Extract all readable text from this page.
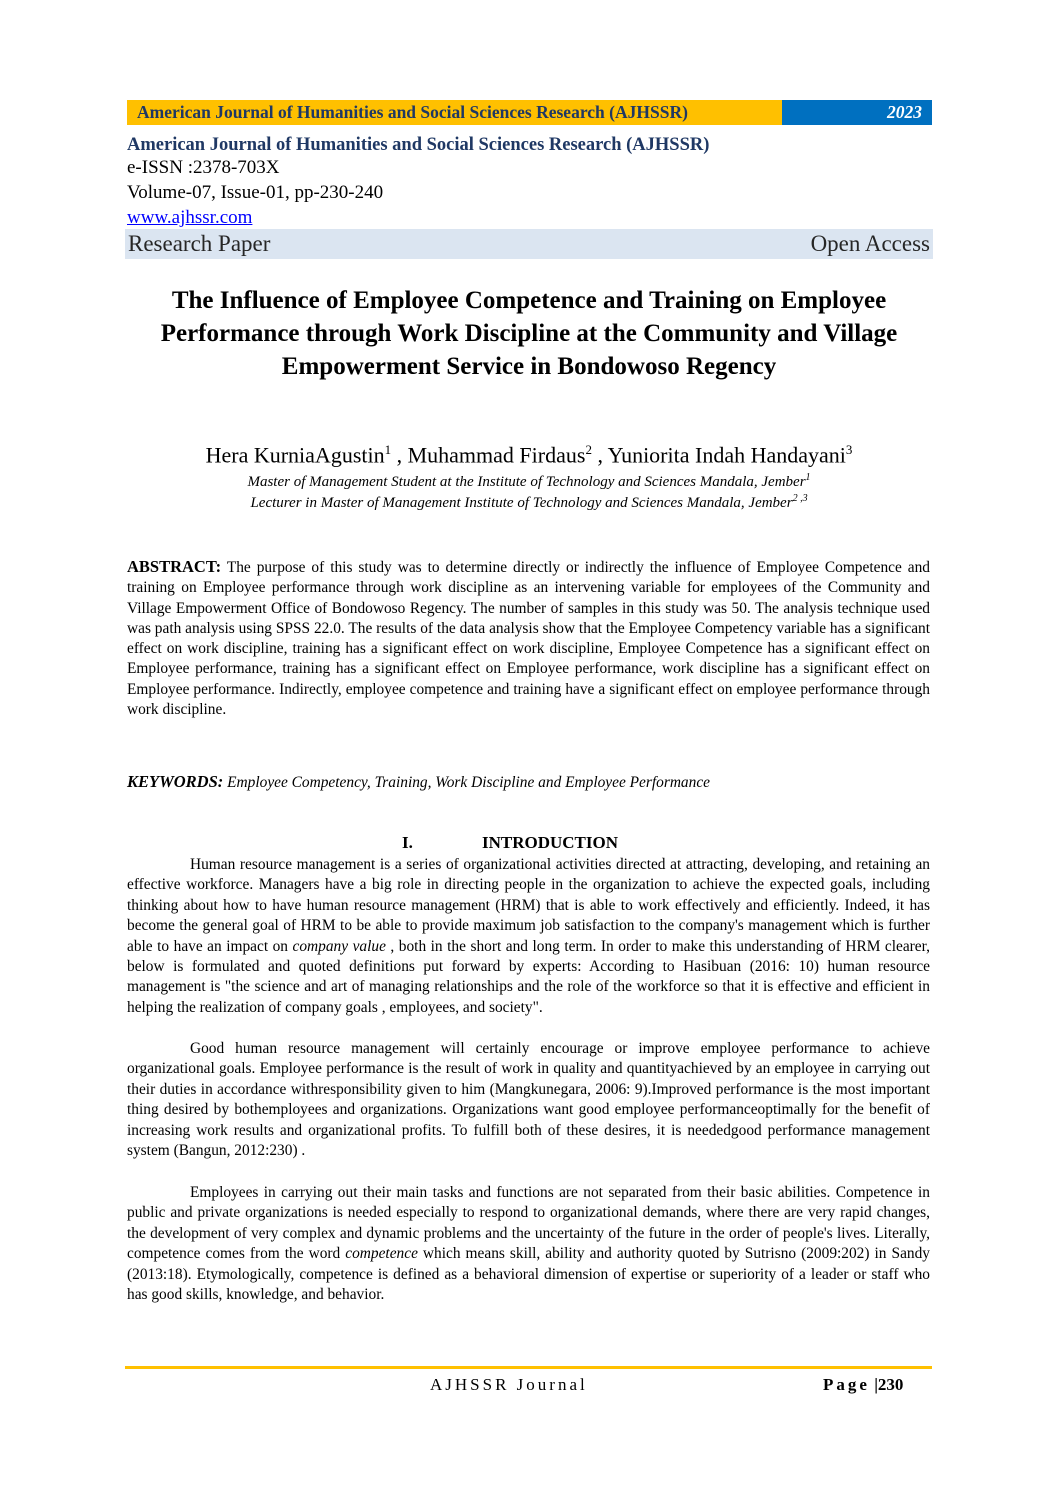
American Journal of Humanities and Social Sciences Research (AJHSSR)	2023
American Journal of Humanities and Social Sciences Research (AJHSSR)
e-ISSN :2378-703X
Volume-07, Issue-01, pp-230-240
www.ajhssr.com
Research Paper	Open Access
The Influence of Employee Competence and Training on Employee Performance through Work Discipline at the Community and Village Empowerment Service in Bondowoso Regency
Hera KurniaAgustin$^1$ , Muhammad Firdaus$^2$ , Yuniorita Indah Handayani$^3$
Master of Management Student at the Institute of Technology and Sciences Mandala, Jember$^1$
Lecturer in Master of Management Institute of Technology and Sciences Mandala, Jember$^{2 ,3}$
ABSTRACT: The purpose of this study was to determine directly or indirectly the influence of Employee Competence and training on Employee performance through work discipline as an intervening variable for employees of the Community and Village Empowerment Office of Bondowoso Regency. The number of samples in this study was 50. The analysis technique used was path analysis using SPSS 22.0. The results of the data analysis show that the Employee Competency variable has a significant effect on work discipline, training has a significant effect on work discipline, Employee Competence has a significant effect on Employee performance, training has a significant effect on Employee performance, work discipline has a significant effect on Employee performance. Indirectly, employee competence and training have a significant effect on employee performance through work discipline.
KEYWORDS: Employee Competency, Training, Work Discipline and Employee Performance
I.	INTRODUCTION
Human resource management is a series of organizational activities directed at attracting, developing, and retaining an effective workforce. Managers have a big role in directing people in the organization to achieve the expected goals, including thinking about how to have human resource management (HRM) that is able to work effectively and efficiently. Indeed, it has become the general goal of HRM to be able to provide maximum job satisfaction to the company's management which is further able to have an impact on company value , both in the short and long term. In order to make this understanding of HRM clearer, below is formulated and quoted definitions put forward by experts: According to Hasibuan (2016: 10) human resource management is "the science and art of managing relationships and the role of the workforce so that it is effective and efficient in helping the realization of company goals , employees, and society".
Good human resource management will certainly encourage or improve employee performance to achieve organizational goals. Employee performance is the result of work in quality and quantityachieved by an employee in carrying out their duties in accordance withresponsibility given to him (Mangkunegara, 2006: 9).Improved performance is the most important thing desired by bothemployees and organizations. Organizations want good employee performanceoptimally for the benefit of increasing work results and organizational profits. To fulfill both of these desires, it is neededgood performance management system (Bangun, 2012:230) .
Employees in carrying out their main tasks and functions are not separated from their basic abilities. Competence in public and private organizations is needed especially to respond to organizational demands, where there are very rapid changes, the development of very complex and dynamic problems and the uncertainty of the future in the order of people's lives. Literally, competence comes from the word competence which means skill, ability and authority quoted by Sutrisno (2009:202) in Sandy (2013:18). Etymologically, competence is defined as a behavioral dimension of expertise or superiority of a leader or staff who has good skills, knowledge, and behavior.
AJHSSR Journal	Page |230
